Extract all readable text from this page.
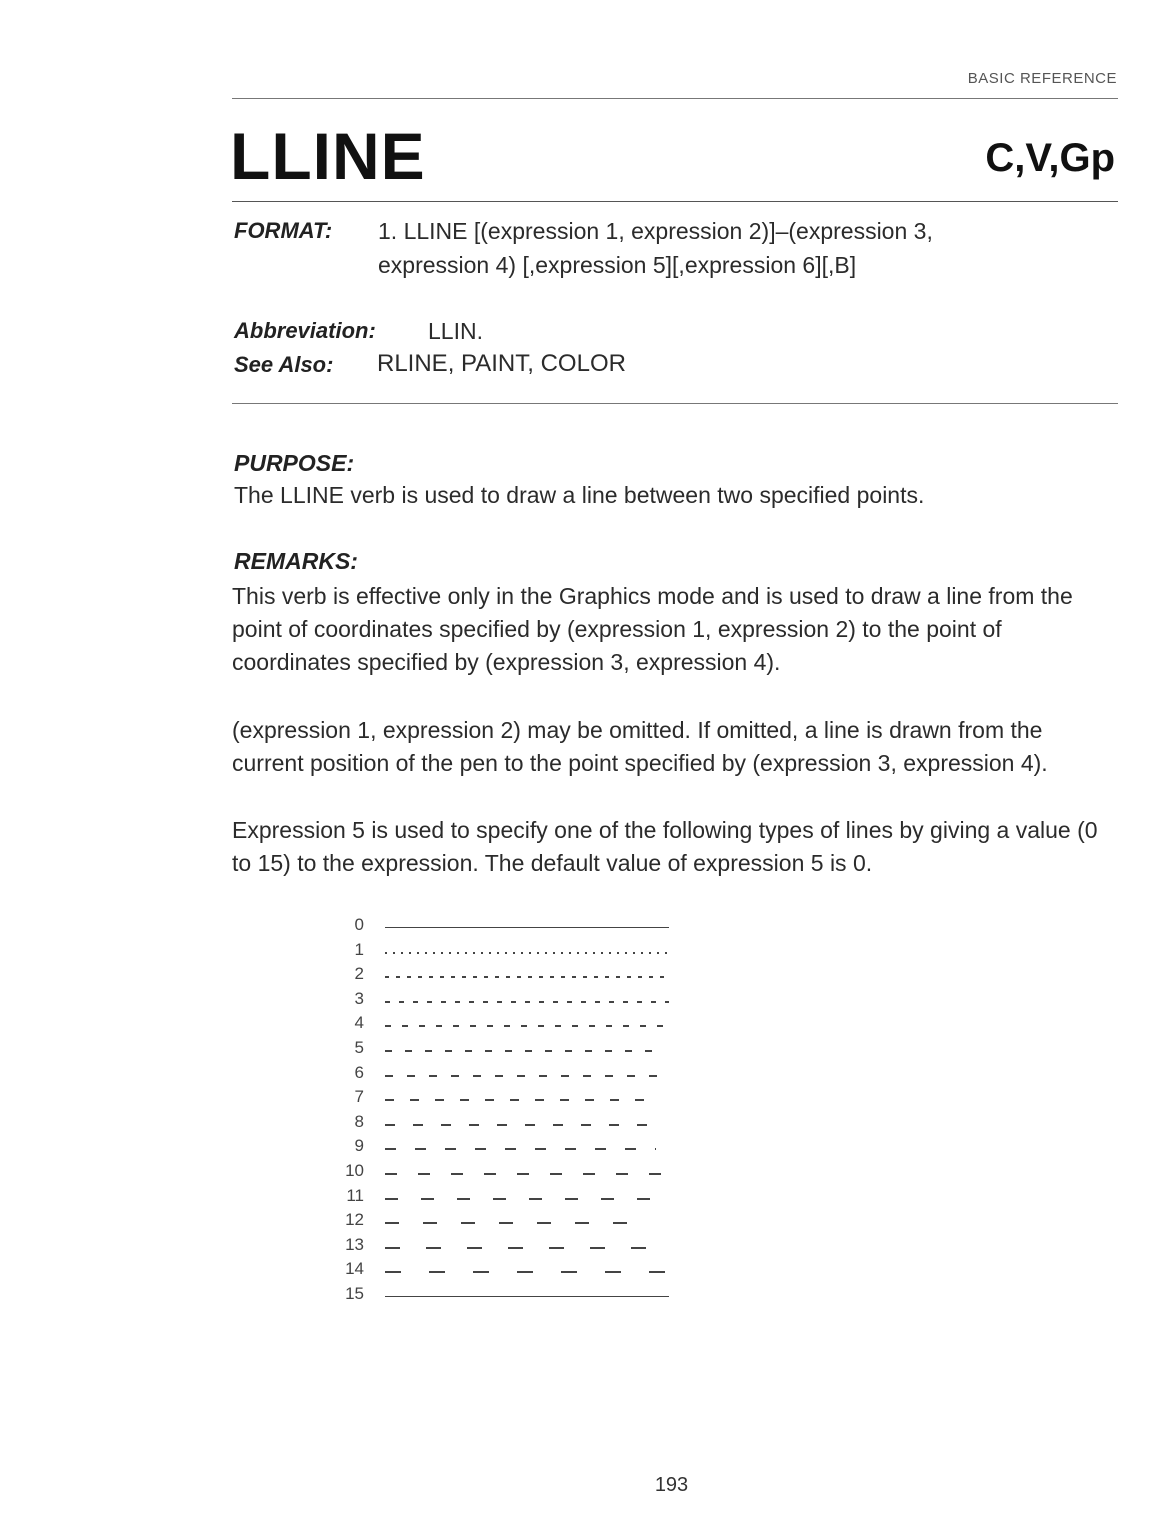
BASIC REFERENCE
LLINE	C,V,Gp
FORMAT: 1. LLINE [(expression 1, expression 2)]–(expression 3,
expression 4) [,expression 5][,expression 6][,B]
Abbreviation: LLIN.
See Also: RLINE, PAINT, COLOR
PURPOSE:
The LLINE verb is used to draw a line between two specified points.
REMARKS:
This verb is effective only in the Graphics mode and is used to draw a line from the point of coordinates specified by (expression 1, expression 2) to the point of coordinates specified by (expression 3, expression 4).
(expression 1, expression 2) may be omitted. If omitted, a line is drawn from the current position of the pen to the point specified by (expression 3, expression 4).
Expression 5 is used to specify one of the following types of lines by giving a value (0 to 15) to the expression. The default value of expression 5 is 0.
0
1
2
3
4
5
6
7
8
9
10
11
12
13
14
15
193
